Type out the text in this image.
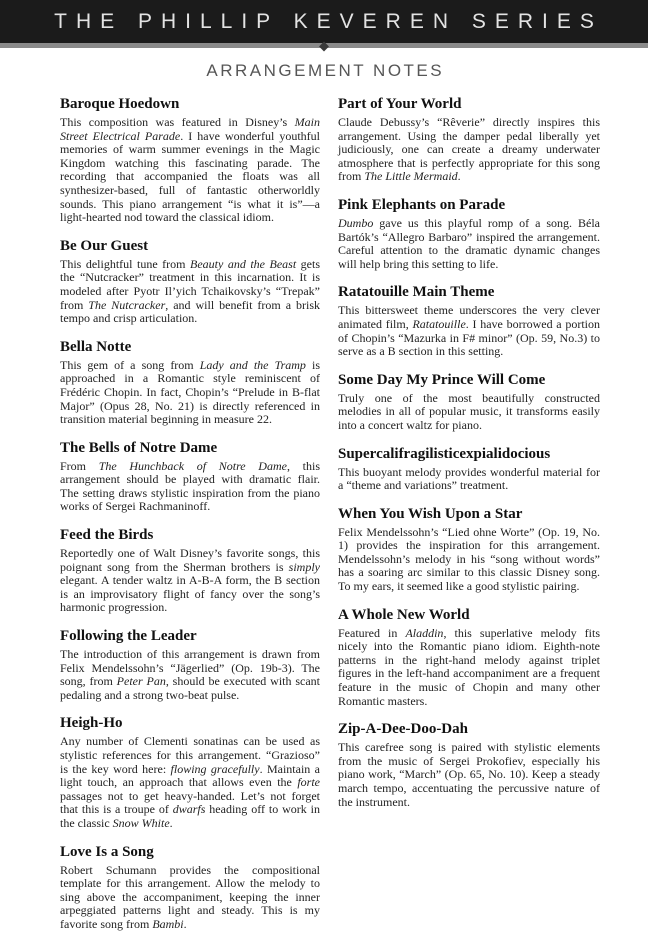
THE PHILLIP KEVEREN SERIES
ARRANGEMENT NOTES
Baroque Hoedown

This composition was featured in Disney’s Main Street Electrical Parade. I have wonderful youthful memories of warm summer evenings in the Magic Kingdom watching this fascinating parade. The recording that accompanied the floats was all synthesizer-based, full of fantastic otherworldly sounds. This piano arrangement “is what it is”—a light-hearted nod toward the classical idiom.

Be Our Guest

This delightful tune from Beauty and the Beast gets the “Nutcracker” treatment in this incarnation. It is modeled after Pyotr Il’yich Tchaikovsky’s “Trepak” from The Nutcracker, and will benefit from a brisk tempo and crisp articulation.

Bella Notte

This gem of a song from Lady and the Tramp is approached in a Romantic style reminiscent of Frédéric Chopin. In fact, Chopin’s “Prelude in B-flat Major” (Opus 28, No. 21) is directly referenced in transition material beginning in measure 22.

The Bells of Notre Dame

From The Hunchback of Notre Dame, this arrangement should be played with dramatic flair. The setting draws stylistic inspiration from the piano works of Sergei Rachmaninoff.

Feed the Birds

Reportedly one of Walt Disney’s favorite songs, this poignant song from the Sherman brothers is simply elegant. A tender waltz in A-B-A form, the B section is an improvisatory flight of fancy over the song’s harmonic progression.

Following the Leader

The introduction of this arrangement is drawn from Felix Mendelssohn’s “Jägerlied” (Op. 19b-3). The song, from Peter Pan, should be executed with scant pedaling and a strong two-beat pulse.

Heigh-Ho

Any number of Clementi sonatinas can be used as stylistic references for this arrangement. “Grazioso” is the key word here: flowing gracefully. Maintain a light touch, an approach that allows even the forte passages not to get heavy-handed. Let’s not forget that this is a troupe of dwarfs heading off to work in the classic Snow White.

Love Is a Song

Robert Schumann provides the compositional template for this arrangement. Allow the melody to sing above the accompaniment, keeping the inner arpeggiated patterns light and steady. This is my favorite song from Bambi.

Part of Your World

Claude Debussy’s “Rêverie” directly inspires this arrangement. Using the damper pedal liberally yet judiciously, one can create a dreamy underwater atmosphere that is perfectly appropriate for this song from The Little Mermaid.

Pink Elephants on Parade

Dumbo gave us this playful romp of a song. Béla Bartók’s “Allegro Barbaro” inspired the arrangement. Careful attention to the dramatic dynamic changes will help bring this setting to life.

Ratatouille Main Theme

This bittersweet theme underscores the very clever animated film, Ratatouille. I have borrowed a portion of Chopin’s “Mazurka in F# minor” (Op. 59, No.3) to serve as a B section in this setting.

Some Day My Prince Will Come

Truly one of the most beautifully constructed melodies in all of popular music, it transforms easily into a concert waltz for piano.

Supercalifragilisticexpialidocious

This buoyant melody provides wonderful material for a “theme and variations” treatment.

When You Wish Upon a Star

Felix Mendelssohn’s “Lied ohne Worte” (Op. 19, No. 1) provides the inspiration for this arrangement. Mendelssohn’s melody in his “song without words” has a soaring arc similar to this classic Disney song. To my ears, it seemed like a good stylistic pairing.

A Whole New World

Featured in Aladdin, this superlative melody fits nicely into the Romantic piano idiom. Eighth-note patterns in the right-hand melody against triplet figures in the left-hand accompaniment are a frequent feature in the music of Chopin and many other Romantic masters.

Zip-A-Dee-Doo-Dah

This carefree song is paired with stylistic elements from the music of Sergei Prokofiev, especially his piano work, “March” (Op. 65, No. 10). Keep a steady march tempo, accentuating the percussive nature of the instrument.
